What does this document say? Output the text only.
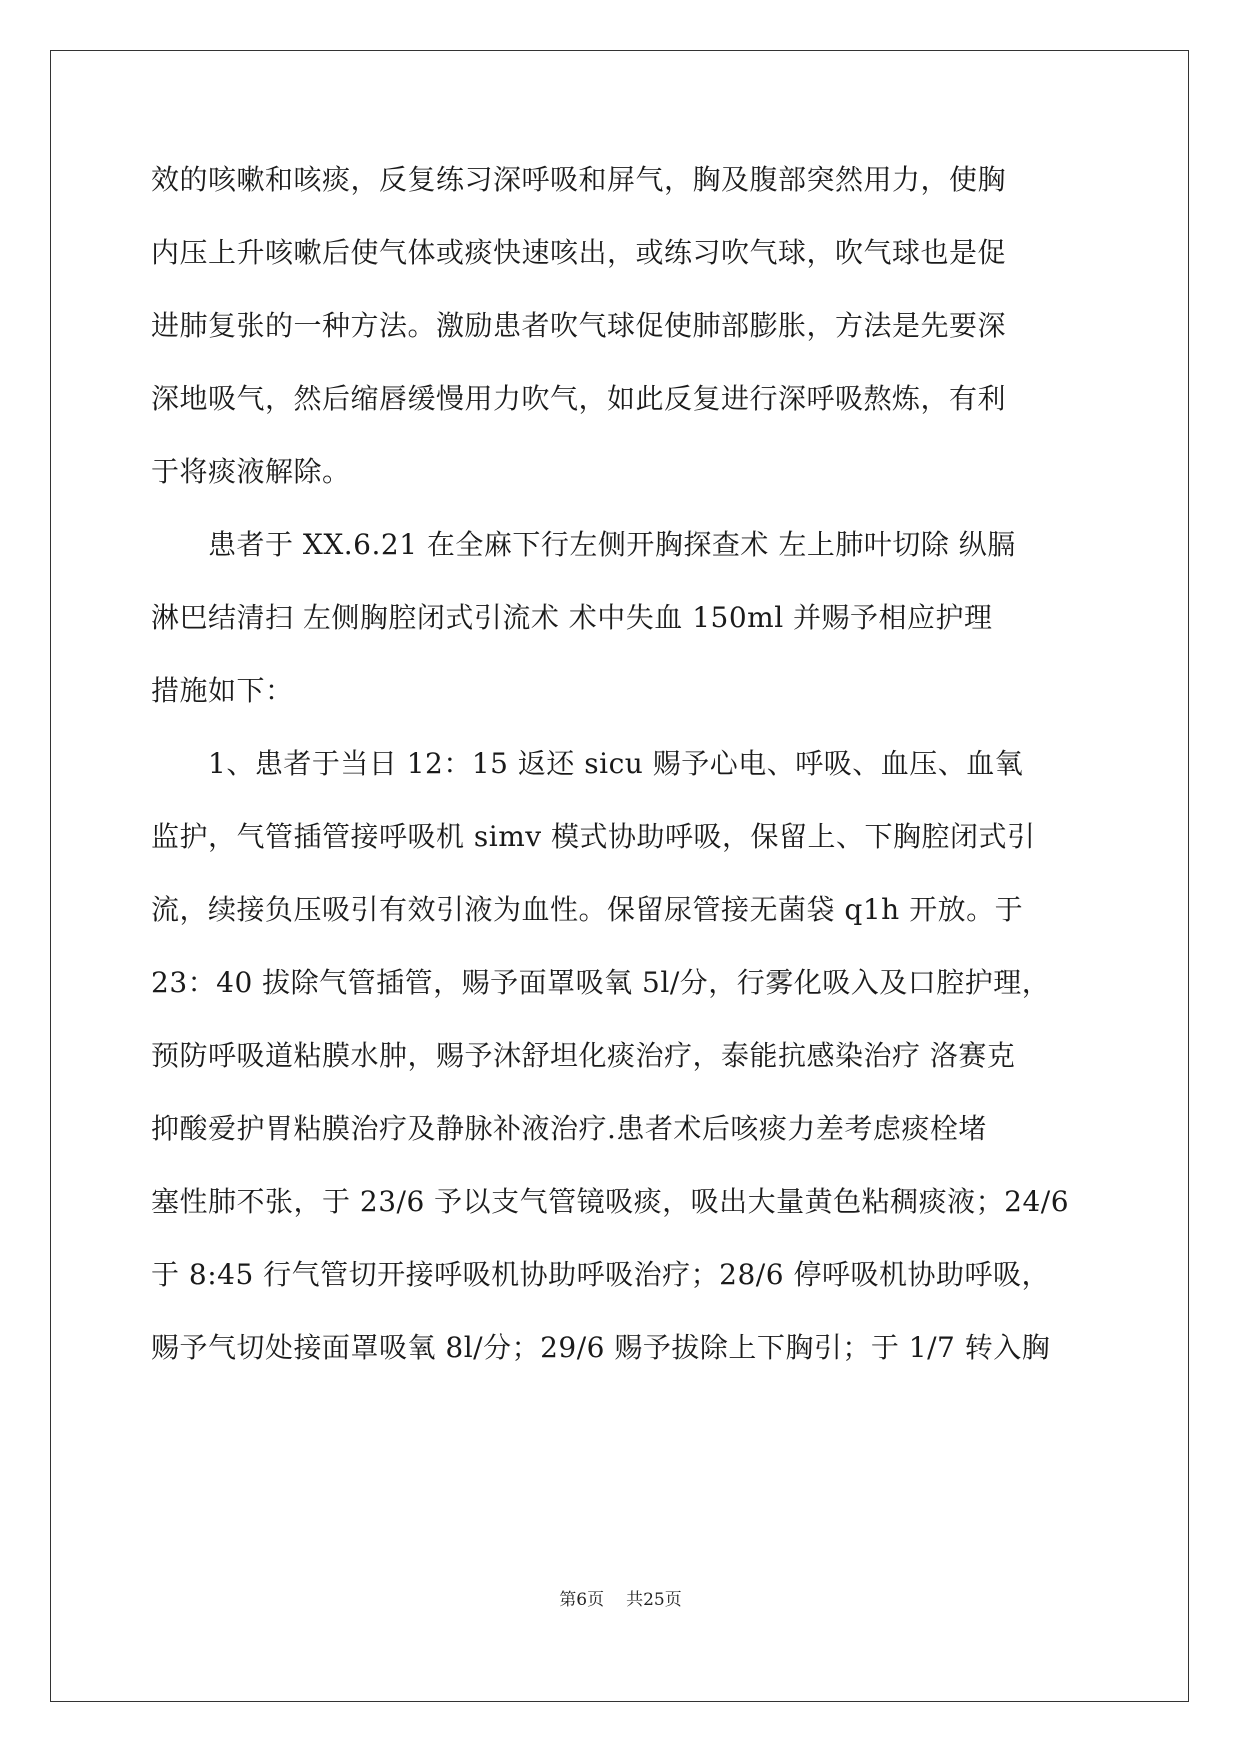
效的咳嗽和咳痰，反复练习深呼吸和屏气，胸及腹部突然用力，使胸
内压上升咳嗽后使气体或痰快速咳出，或练习吹气球，吹气球也是促
进肺复张的一种方法。激励患者吹气球促使肺部膨胀，方法是先要深
深地吸气，然后缩唇缓慢用力吹气，如此反复进行深呼吸熬炼，有利
于将痰液解除。
　　患者于 XX.6.21 在全麻下行左侧开胸探查术 左上肺叶切除 纵膈
淋巴结清扫 左侧胸腔闭式引流术 术中失血 150ml 并赐予相应护理
措施如下：
　　1、患者于当日 12：15 返还 sicu 赐予心电、呼吸、血压、血氧
监护，气管插管接呼吸机 simv 模式协助呼吸，保留上、下胸腔闭式引
流，续接负压吸引有效引液为血性。保留尿管接无菌袋 q1h 开放。于
23：40 拔除气管插管，赐予面罩吸氧 5l/分，行雾化吸入及口腔护理，
预防呼吸道粘膜水肿，赐予沐舒坦化痰治疗，泰能抗感染治疗 洛赛克
抑酸爱护胃粘膜治疗及静脉补液治疗.患者术后咳痰力差考虑痰栓堵
塞性肺不张，于 23/6 予以支气管镜吸痰，吸出大量黄色粘稠痰液；24/6
于 8:45 行气管切开接呼吸机协助呼吸治疗；28/6 停呼吸机协助呼吸，
赐予气切处接面罩吸氧 8l/分；29/6 赐予拔除上下胸引；于 1/7 转入胸
第6页 共25页
